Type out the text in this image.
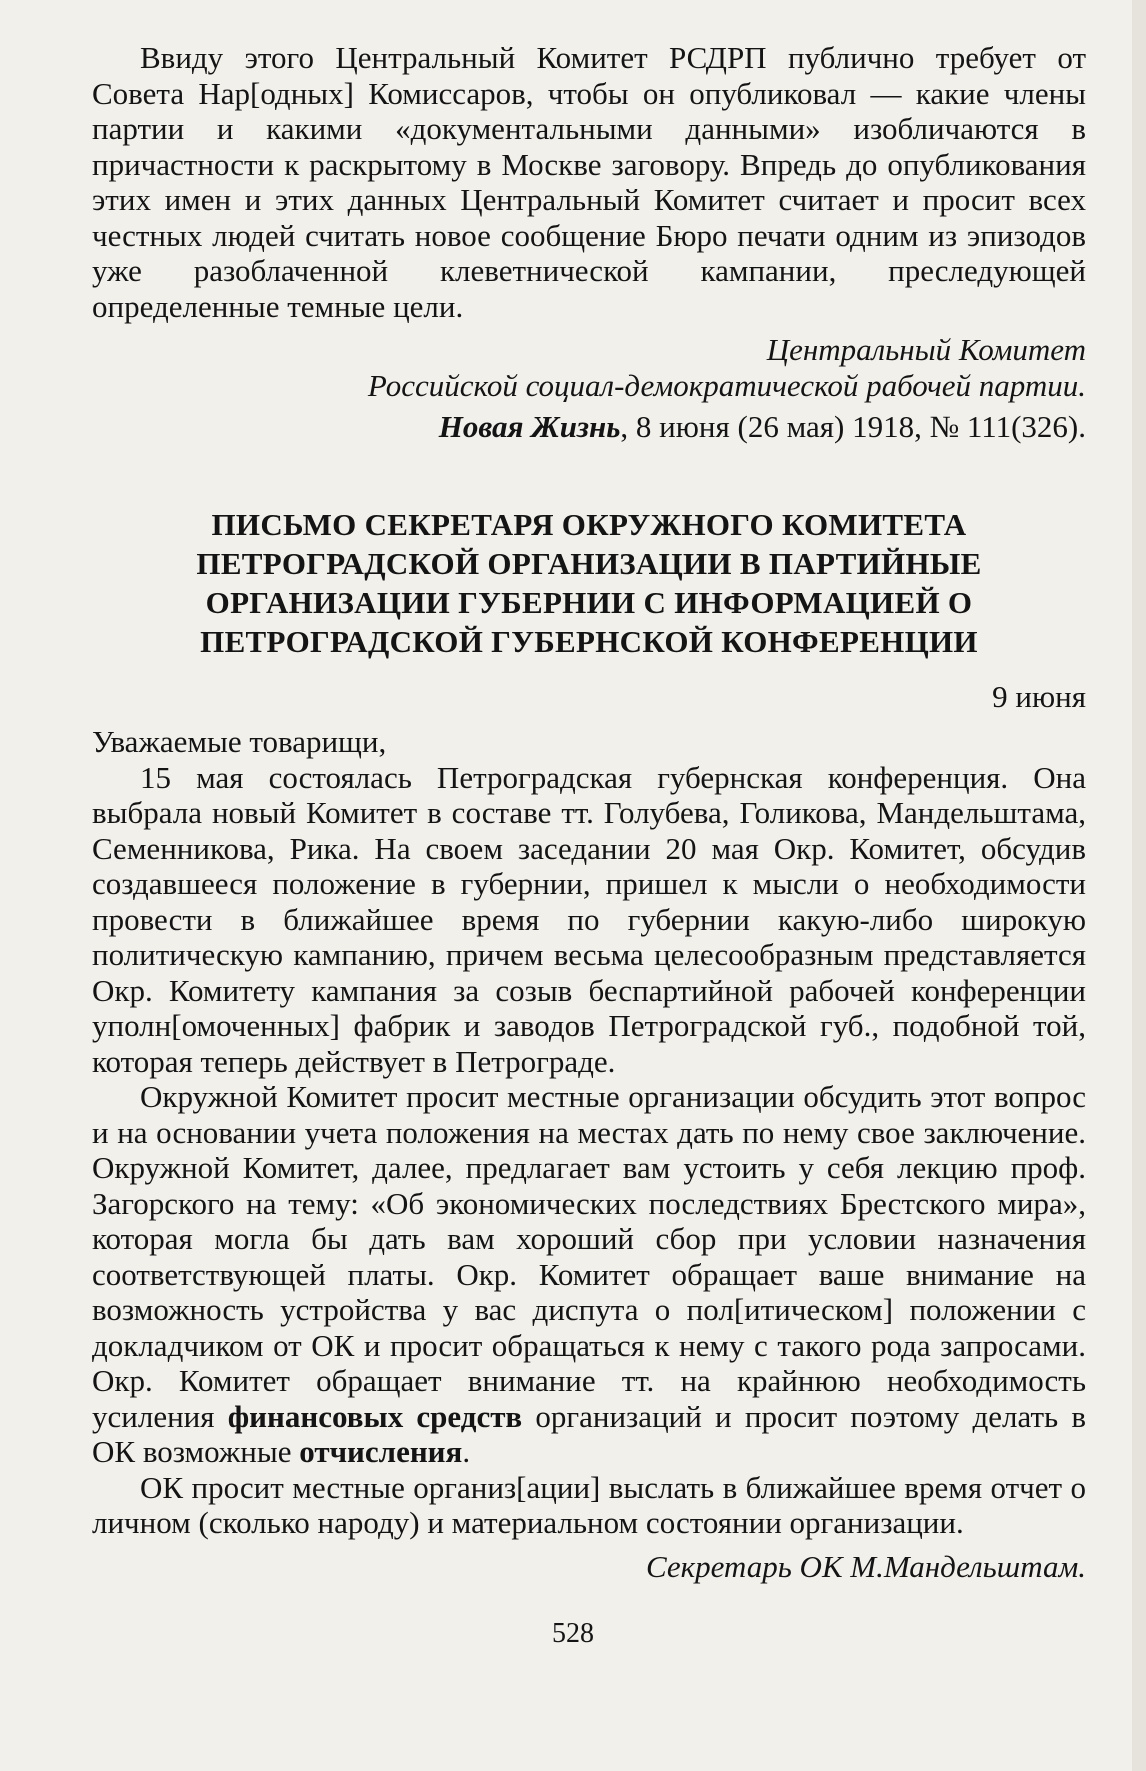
Ввиду этого Центральный Комитет РСДРП публично требует от Совета Нар[одных] Комиссаров, чтобы он опубликовал — какие члены партии и какими «документальными данными» изобличаются в причастности к раскрытому в Москве заговору. Впредь до опубликования этих имен и этих данных Центральный Комитет считает и просит всех честных людей считать новое сообщение Бюро печати одним из эпизодов уже разоблаченной клеветнической кампании, преследующей определенные темные цели.

Центральный Комитет
Российской социал-демократической рабочей партии.
Новая Жизнь, 8 июня (26 мая) 1918, № 111(326).
ПИСЬМО СЕКРЕТАРЯ ОКРУЖНОГО КОМИТЕТА ПЕТРОГРАДСКОЙ ОРГАНИЗАЦИИ В ПАРТИЙНЫЕ ОРГАНИЗАЦИИ ГУБЕРНИИ С ИНФОРМАЦИЕЙ О ПЕТРОГРАДСКОЙ ГУБЕРНСКОЙ КОНФЕРЕНЦИИ
9 июня
Уважаемые товарищи,

15 мая состоялась Петроградская губернская конференция. Она выбрала новый Комитет в составе тт. Голубева, Голикова, Мандельштама, Семенникова, Рика. На своем заседании 20 мая Окр. Комитет, обсудив создавшееся положение в губернии, пришел к мысли о необходимости провести в ближайшее время по губернии какую-либо широкую политическую кампанию, причем весьма целесообразным представляется Окр. Комитету кампания за созыв беспартийной рабочей конференции уполн[омоченных] фабрик и заводов Петроградской губ., подобной той, которая теперь действует в Петрограде.

Окружной Комитет просит местные организации обсудить этот вопрос и на основании учета положения на местах дать по нему свое заключение. Окружной Комитет, далее, предлагает вам устоить у себя лекцию проф. Загорского на тему: «Об экономических последствиях Брестского мира», которая могла бы дать вам хороший сбор при условии назначения соответствующей платы. Окр. Комитет обращает ваше внимание на возможность устройства у вас диспута о пол[итическом] положении с докладчиком от ОК и просит обращаться к нему с такого рода запросами. Окр. Комитет обращает внимание тт. на крайнюю необходимость усиления финансовых средств организаций и просит поэтому делать в ОК возможные отчисления.

ОК просит местные организ[ации] выслать в ближайшее время отчет о личном (сколько народу) и материальном состоянии организации.

Секретарь ОК М.Мандельштам.
528
